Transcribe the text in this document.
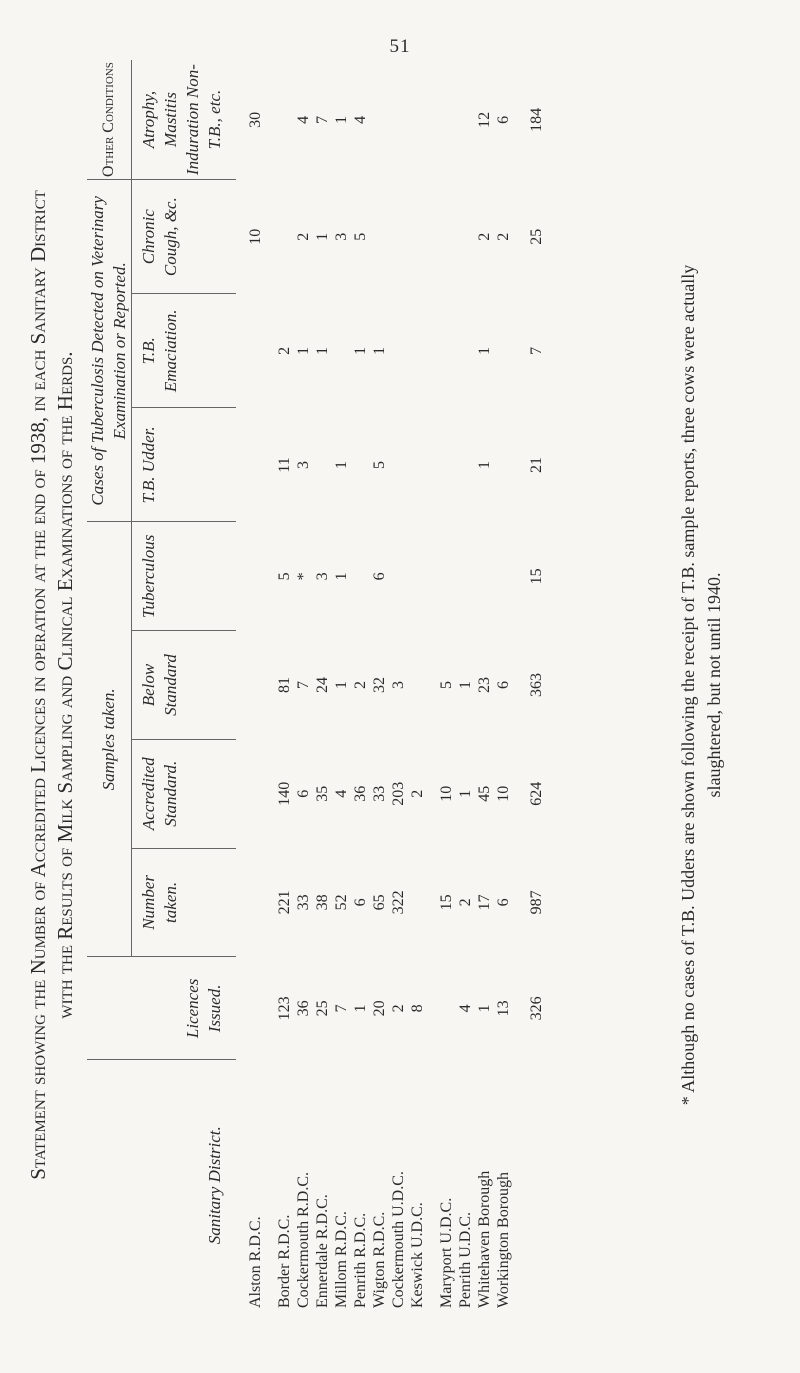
51
Statement showing the Number of Accredited Licences in operation at the end of 1938, in each Sanitary District with the Results of Milk Sampling and Clinical Examinations of the Herds.
Sanitary District.	Licences Issued.	Samples taken.				Cases of Tuberculosis Detected on Veterinary Examination or Reported.			Other Conditions
		Number taken.	Accredited Standard.	Below Standard	Tuberculous	T.B. Udder.	T.B. Emaciation.	Chronic Cough, &c.	Atrophy, Mastitis Induration Non-T.B., etc.

Alston R.D.C.								10	30

Border R.D.C.	123	221	140	81	5	11	2		
Cockermouth R.D.C.	36	33	6	7	*	3	1	2	4
Ennerdale R.D.C.	25	38	35	24	3		1	1	7
Millom R.D.C.	7	52	4	1	1	1		3	1
Penrith R.D.C.	1	6	36	2			1	5	4
Wigton R.D.C.	20	65	33	32	6	5	1		
Cockermouth U.D.C.	2	322	203	3					
Keswick U.D.C.	8		2						

Maryport U.D.C.		15	10	5					
Penrith U.D.C.	4	2	1	1					
Whitehaven Borough	1	17	45	23		1	1	2	12
Workington Borough	13	6	10	6				2	6
	326	987	624	363	15	21	7	25	184
* Although no cases of T.B. Udders are shown following the receipt of T.B. sample reports, three cows were actually slaughtered, but not until 1940.
